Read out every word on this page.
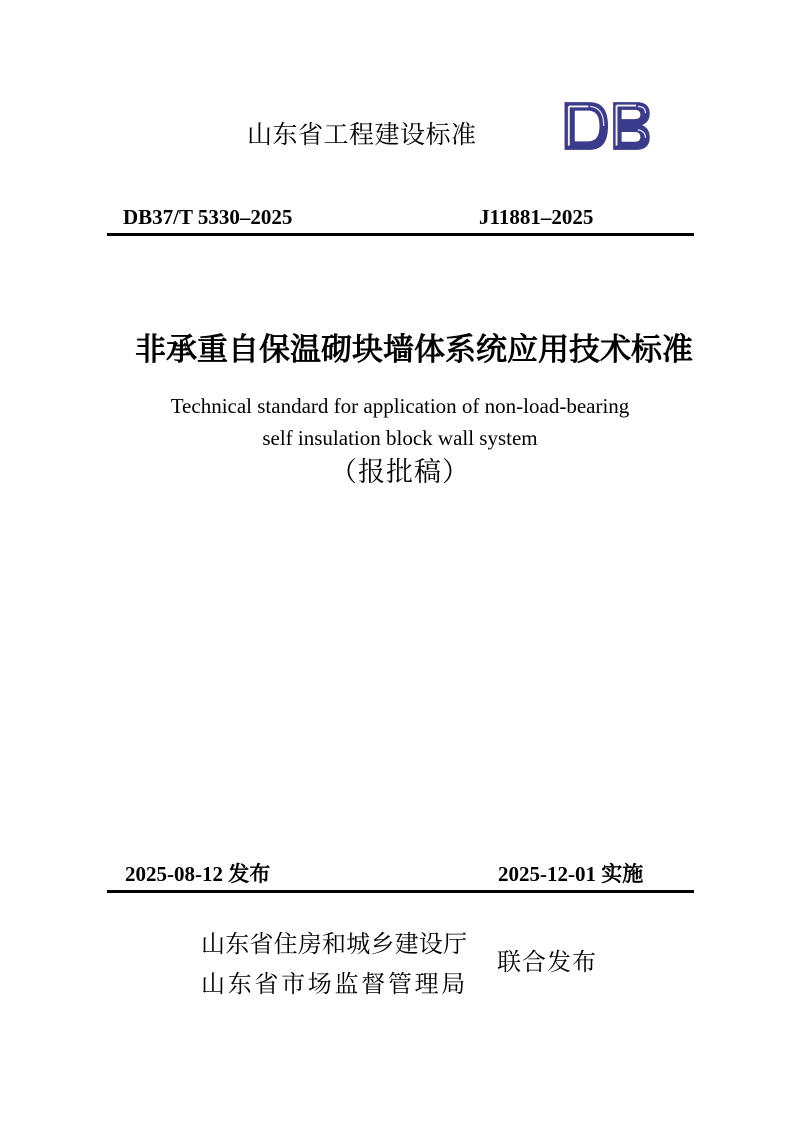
山东省工程建设标准
DB37/T 5330–2025	J11881–2025
非承重自保温砌块墙体系统应用技术标准
Technical standard for application of non-load-bearing
self insulation block wall system
（报批稿）
2025-08-12 发布	2025-12-01 实施
山东省住房和城乡建设厅
山东省市场监督管理局
联合发布
